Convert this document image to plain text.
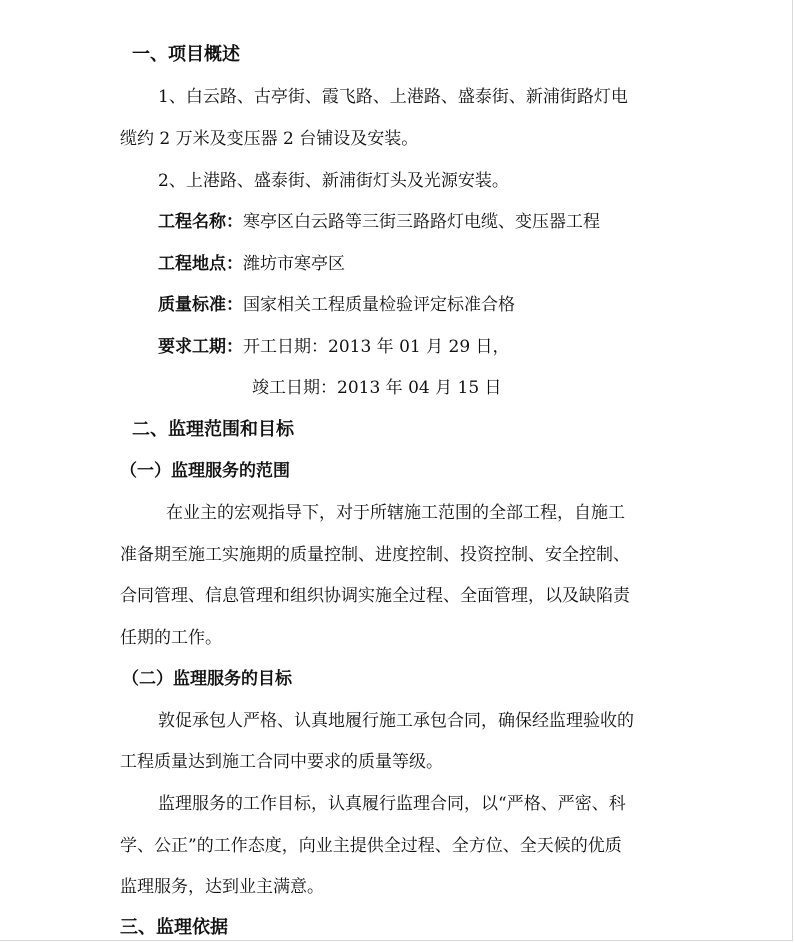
一、项目概述
1、白云路、古亭街、霞飞路、上港路、盛泰街、新浦街路灯电
缆约 2 万米及变压器 2 台铺设及安装。
2、上港路、盛泰街、新浦街灯头及光源安装。
工程名称：寒亭区白云路等三街三路路灯电缆、变压器工程
工程地点：潍坊市寒亭区
质量标准：国家相关工程质量检验评定标准合格
要求工期：开工日期：2013 年 01 月 29 日，
竣工日期：2013 年 04 月 15 日
二、监理范围和目标
（一）监理服务的范围
在业主的宏观指导下，对于所辖施工范围的全部工程，自施工
准备期至施工实施期的质量控制、进度控制、投资控制、安全控制、
合同管理、信息管理和组织协调实施全过程、全面管理，以及缺陷责
任期的工作。
（二）监理服务的目标
敦促承包人严格、认真地履行施工承包合同，确保经监理验收的
工程质量达到施工合同中要求的质量等级。
监理服务的工作目标，认真履行监理合同，以“严格、严密、科
学、公正”的工作态度，向业主提供全过程、全方位、全天候的优质
监理服务，达到业主满意。
三、监理依据
